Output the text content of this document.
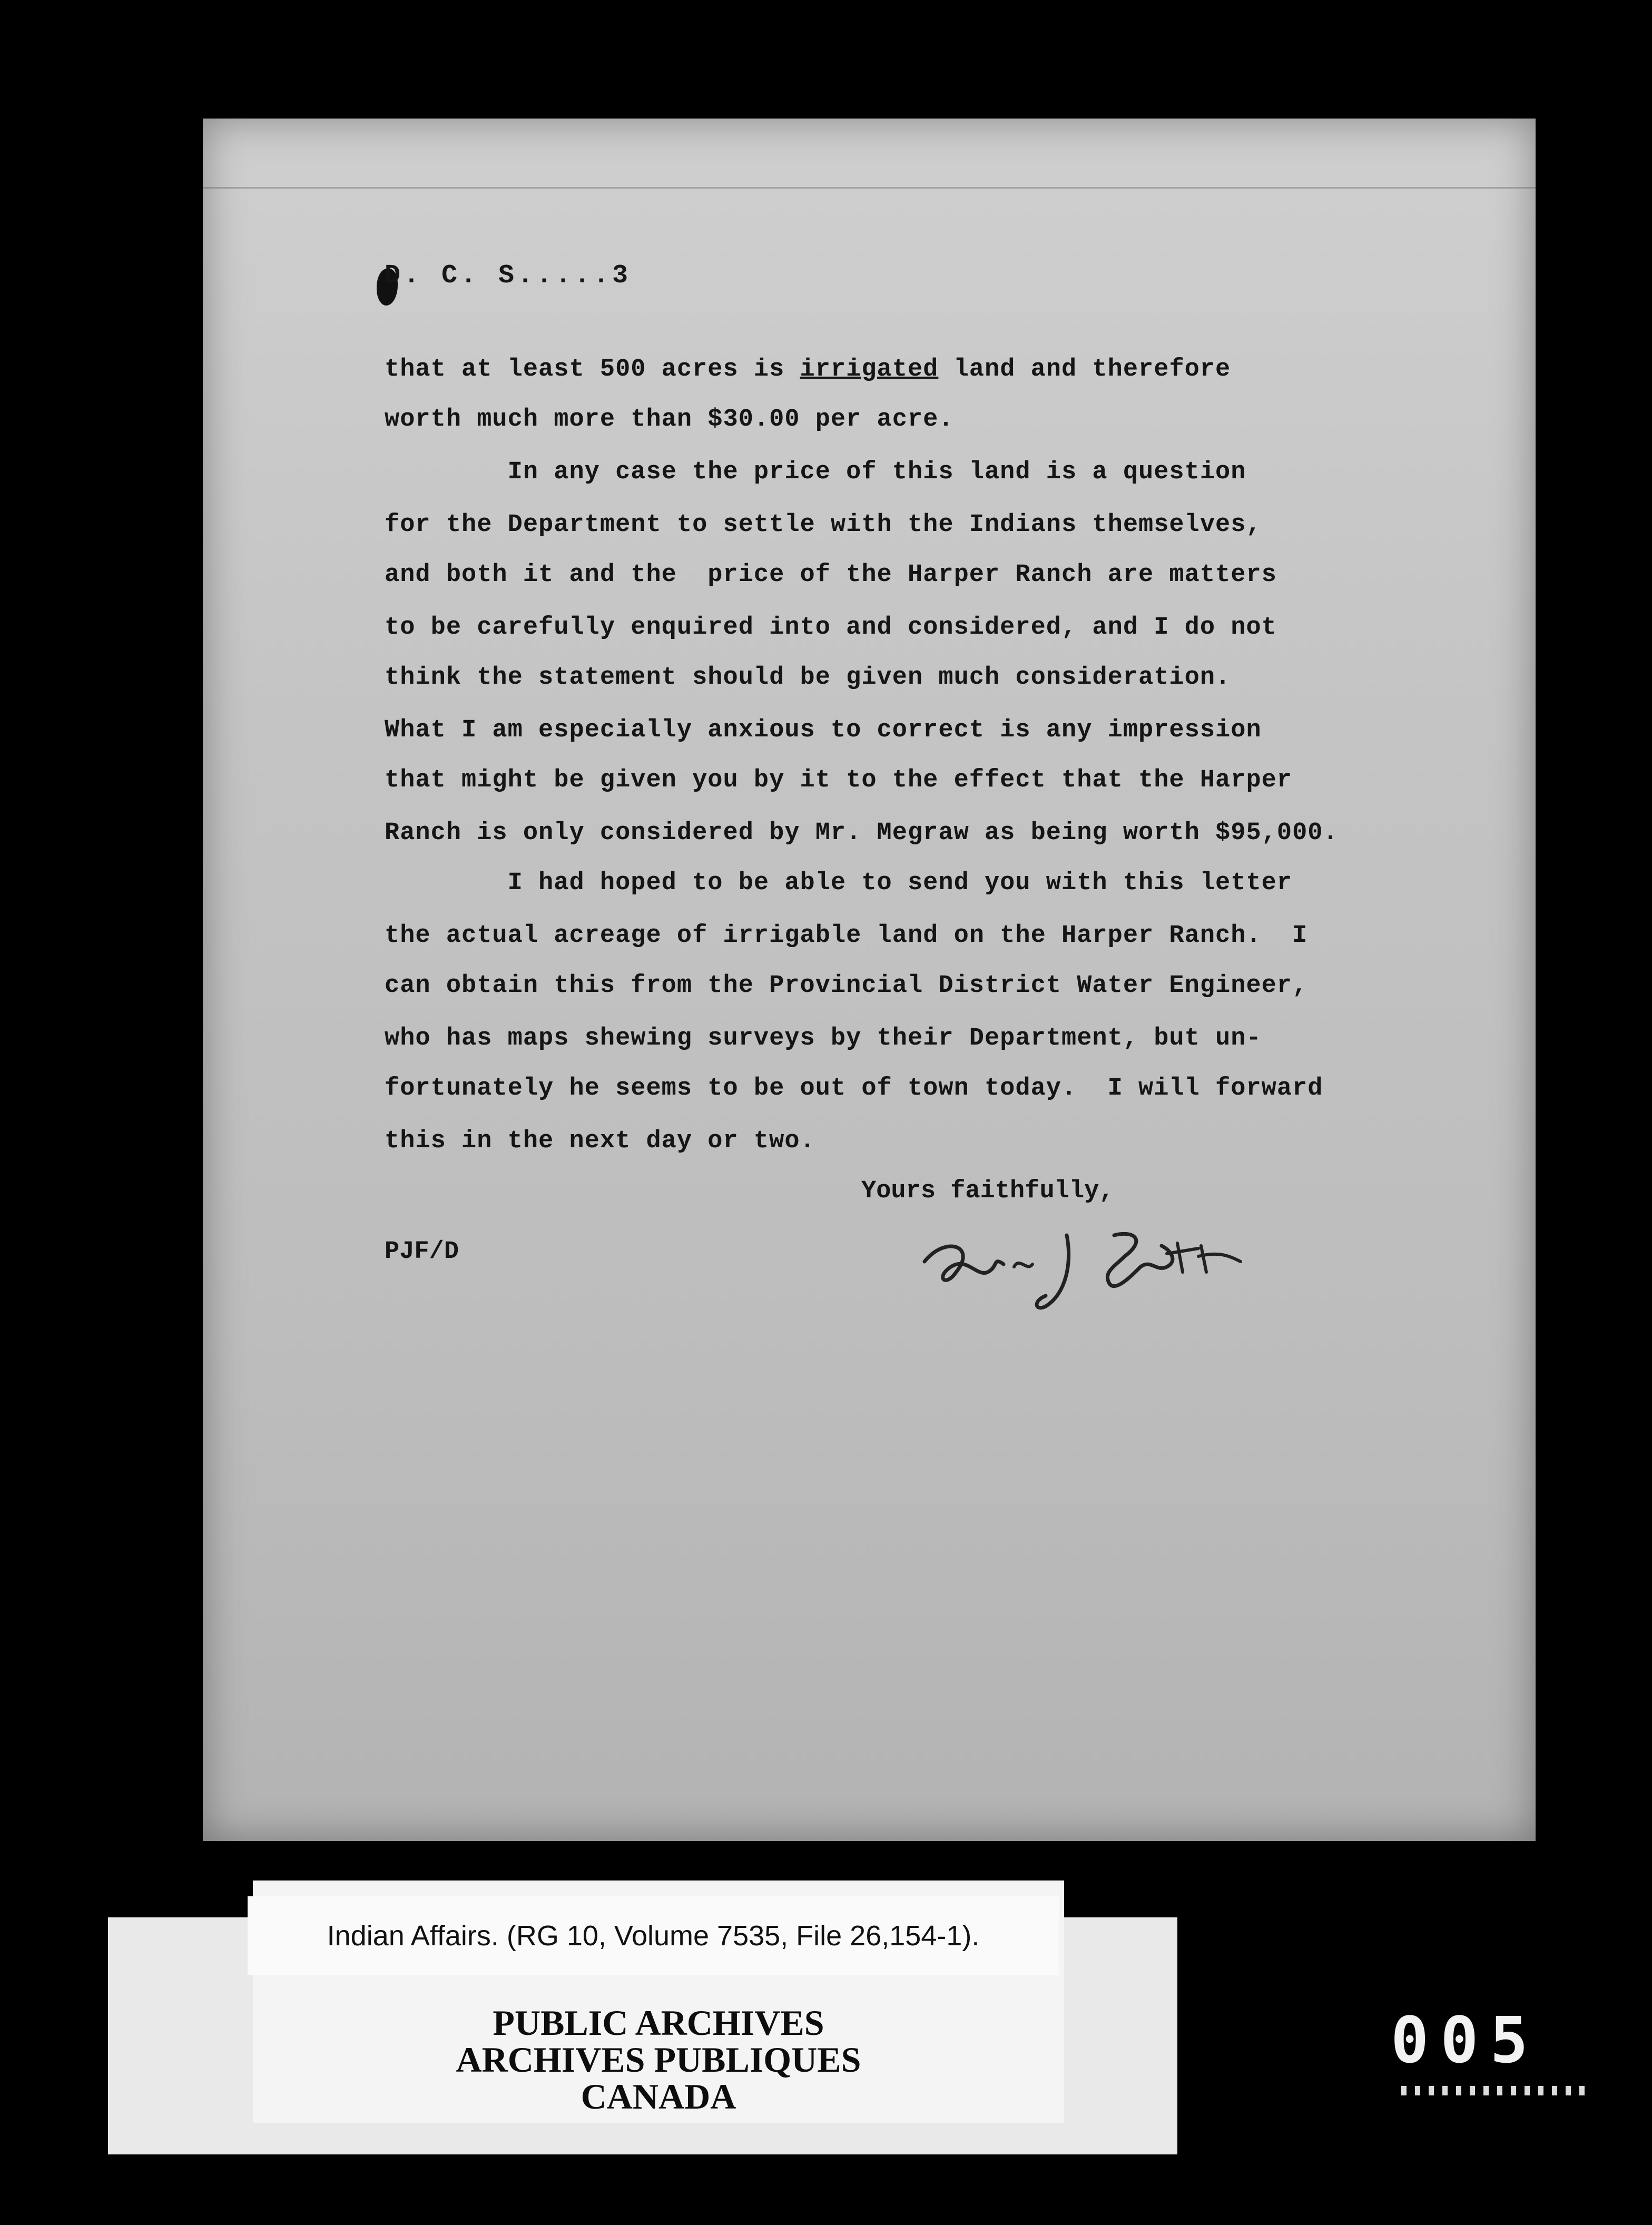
D. C. S.....3
that at least 500 acres is irrigated land and therefore
worth much more than $30.00 per acre.
In any case the price of this land is a question
for the Department to settle with the Indians themselves,
and both it and the  price of the Harper Ranch are matters
to be carefully enquired into and considered, and I do not
think the statement should be given much consideration.
What I am especially anxious to correct is any impression
that might be given you by it to the effect that the Harper
Ranch is only considered by Mr. Megraw as being worth $95,000.
I had hoped to be able to send you with this letter
the actual acreage of irrigable land on the Harper Ranch.  I
can obtain this from the Provincial District Water Engineer,
who has maps shewing surveys by their Department, but un-
fortunately he seems to be out of town today.  I will forward
this in the next day or two.
Yours faithfully,
PJF/D
Indian Affairs. (RG 10, Volume 7535, File 26,154-1).
PUBLIC ARCHIVES
ARCHIVES PUBLIQUES
CANADA
005
